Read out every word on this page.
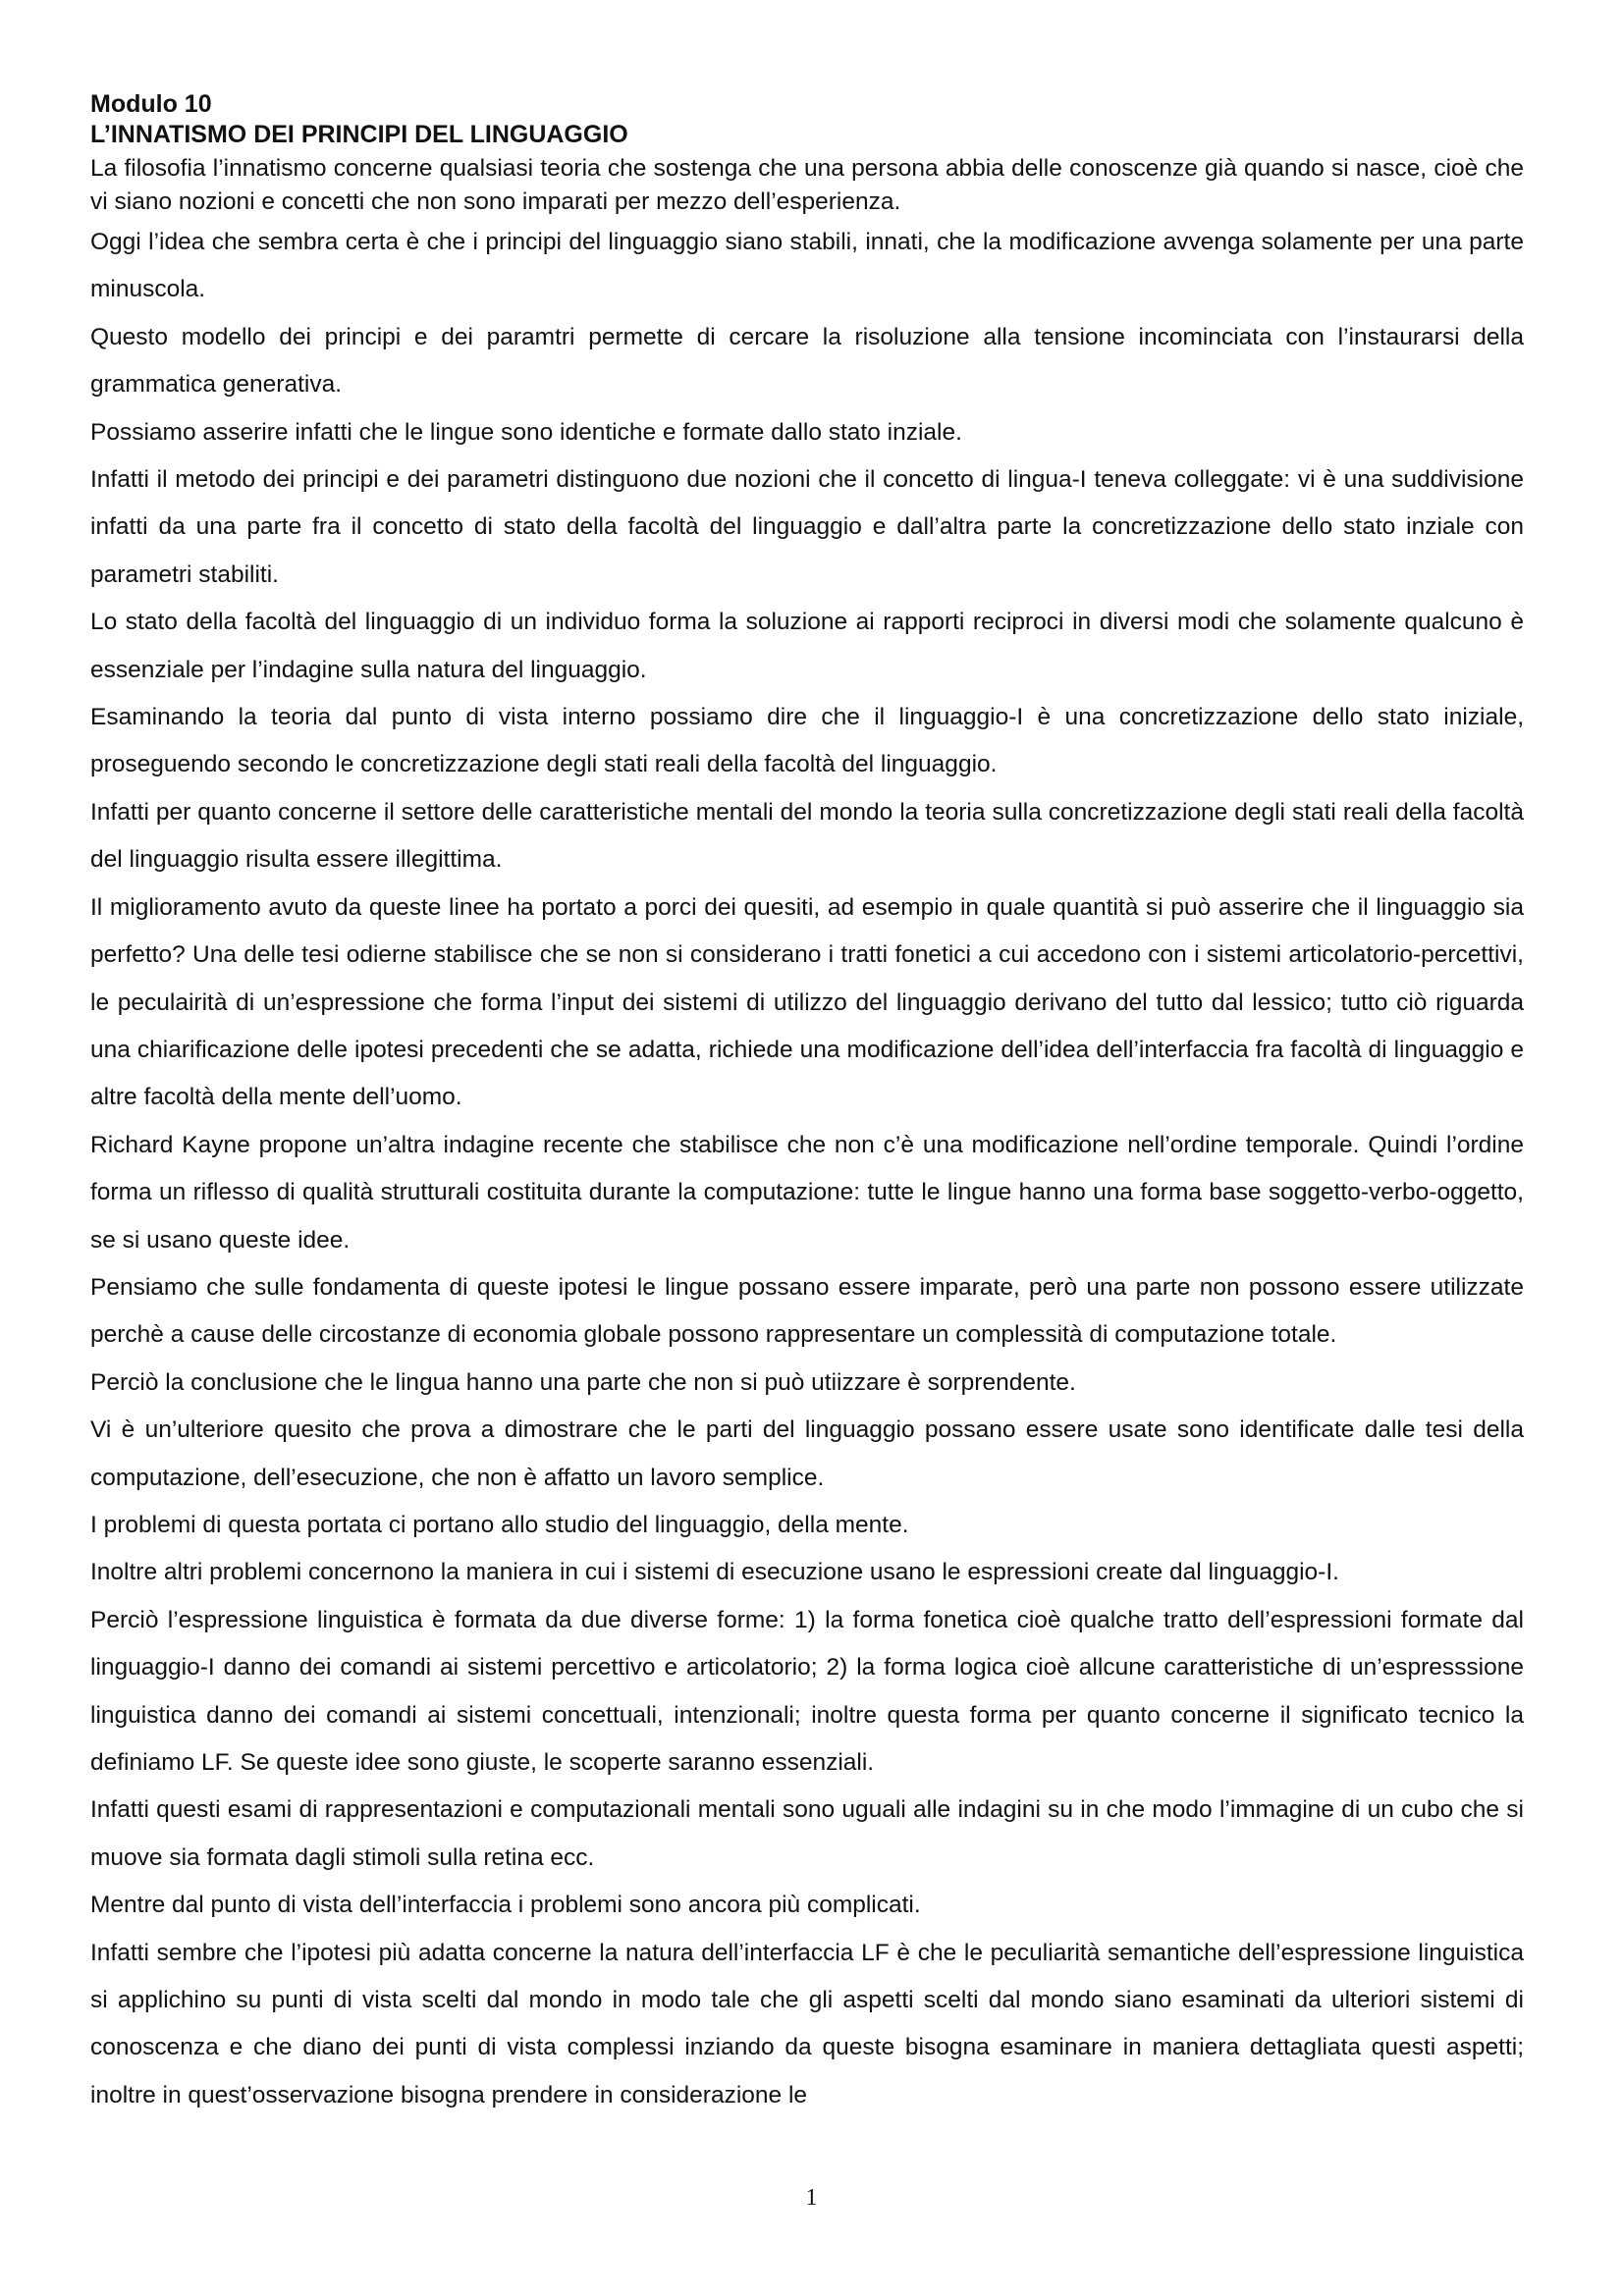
Modulo 10

L’INNATISMO DEI PRINCIPI DEL LINGUAGGIO

La filosofia l’innatismo concerne qualsiasi teoria che sostenga che una persona abbia delle conoscenze già quando si nasce, cioè che vi siano nozioni e concetti che non sono imparati per mezzo dell’esperienza.

Oggi l’idea che sembra certa è che i principi del linguaggio siano stabili, innati, che la modificazione avvenga solamente per una parte minuscola.

Questo modello dei principi e dei paramtri permette di cercare la risoluzione alla tensione incominciata con l’instaurarsi della grammatica generativa.

Possiamo asserire infatti che le lingue sono identiche e formate dallo stato inziale.

Infatti il metodo dei principi e dei parametri distinguono due nozioni che il concetto di lingua-I teneva colleggate: vi è una suddivisione infatti da una parte fra il concetto di stato della facoltà del linguaggio e dall’altra parte la concretizzazione dello stato inziale con parametri stabiliti.

Lo stato della facoltà del linguaggio di un individuo forma la soluzione ai rapporti reciproci in diversi modi che solamente qualcuno è essenziale per l’indagine sulla natura del linguaggio.

Esaminando la teoria dal punto di vista interno possiamo dire che il linguaggio-I è una concretizzazione dello stato iniziale, proseguendo secondo le concretizzazione degli stati reali della facoltà del linguaggio.

Infatti per quanto concerne il settore delle caratteristiche mentali del mondo la teoria sulla concretizzazione degli stati reali della facoltà del linguaggio risulta essere illegittima.

Il miglioramento avuto da queste linee ha portato a porci dei quesiti, ad esempio in quale quantità si può asserire che il linguaggio sia perfetto? Una delle tesi odierne stabilisce che se non si considerano i tratti fonetici a cui accedono con i sistemi articolatorio-percettivi, le peculairità di un’espressione che forma l’input dei sistemi di utilizzo del linguaggio derivano del tutto dal lessico; tutto ciò riguarda una chiarificazione delle ipotesi precedenti che se adatta, richiede una modificazione dell’idea dell’interfaccia fra facoltà di linguaggio e altre facoltà della mente dell’uomo.

Richard Kayne propone un’altra indagine recente che stabilisce che non c’è una modificazione nell’ordine temporale. Quindi l’ordine forma un riflesso di qualità strutturali costituita durante la computazione: tutte le lingue hanno una forma base soggetto-verbo-oggetto, se si usano queste idee.

Pensiamo che sulle fondamenta di queste ipotesi le lingue possano essere imparate, però una parte non possono essere utilizzate perchè a cause delle circostanze di economia globale possono rappresentare un complessità di computazione totale.

Perciò la conclusione che le lingua hanno una parte che non si può utiizzare è sorprendente.

Vi è un’ulteriore quesito che prova a dimostrare che le parti del linguaggio possano essere usate sono identificate dalle tesi della computazione, dell’esecuzione, che non è affatto un lavoro semplice.

I problemi di questa portata ci portano allo studio del linguaggio, della mente.

Inoltre altri problemi concernono la maniera in cui i sistemi di esecuzione usano le espressioni create dal linguaggio-I.

Perciò l’espressione linguistica è formata da due diverse forme: 1) la forma fonetica cioè qualche tratto dell’espressioni formate dal linguaggio-I danno dei comandi ai sistemi percettivo e articolatorio; 2) la forma logica cioè allcune caratteristiche di un’espresssione linguistica danno dei comandi ai sistemi concettuali, intenzionali; inoltre questa forma per quanto concerne il significato tecnico la definiamo LF. Se queste idee sono giuste, le scoperte saranno essenziali.

Infatti questi esami di rappresentazioni e computazionali mentali sono uguali alle indagini su in che modo l’immagine di un cubo che si muove sia formata dagli stimoli sulla retina ecc.

Mentre dal punto di vista dell’interfaccia i problemi sono ancora più complicati.

Infatti sembre che l’ipotesi più adatta concerne la natura dell’interfaccia LF è che le peculiarità semantiche dell’espressione linguistica si applichino su punti di vista scelti dal mondo in modo tale che gli aspetti scelti dal mondo siano esaminati da ulteriori sistemi di conoscenza e che diano dei punti di vista complessi inziando da queste bisogna esaminare in maniera dettagliata questi aspetti; inoltre in quest’osservazione bisogna prendere in considerazione le

1
